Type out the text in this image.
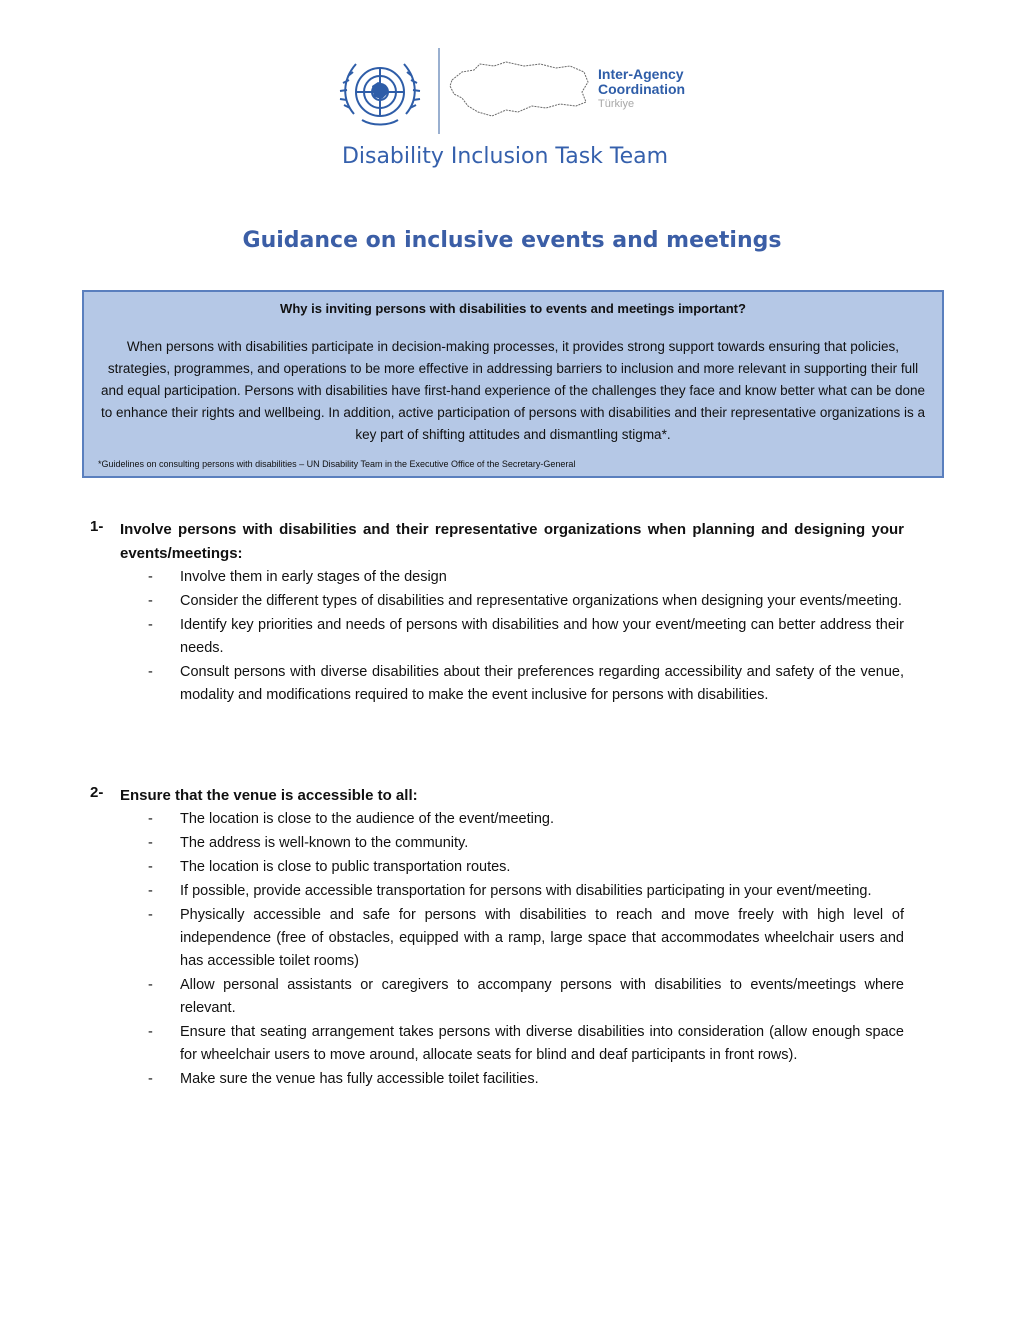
Inter-Agency
Coordination
Türkiye
Disability Inclusion Task Team
Guidance on inclusive events and meetings
Why is inviting persons with disabilities to events and meetings important?
When persons with disabilities participate in decision-making processes, it provides strong support towards ensuring that policies, strategies, programmes, and operations to be more effective in addressing barriers to inclusion and more relevant in supporting their full and equal participation. Persons with disabilities have first-hand experience of the challenges they face and know better what can be done to enhance their rights and wellbeing. In addition, active participation of persons with disabilities and their representative organizations is a key part of shifting attitudes and dismantling stigma*.
*Guidelines on consulting persons with disabilities – UN Disability Team in the Executive Office of the Secretary-General
1- Involve persons with disabilities and their representative organizations when planning and designing your events/meetings:
- Involve them in early stages of the design
- Consider the different types of disabilities and representative organizations when designing your events/meeting.
- Identify key priorities and needs of persons with disabilities and how your event/meeting can better address their needs.
- Consult persons with diverse disabilities about their preferences regarding accessibility and safety of the venue, modality and modifications required to make the event inclusive for persons with disabilities.
2- Ensure that the venue is accessible to all:
- The location is close to the audience of the event/meeting.
- The address is well-known to the community.
- The location is close to public transportation routes.
- If possible, provide accessible transportation for persons with disabilities participating in your event/meeting.
- Physically accessible and safe for persons with disabilities to reach and move freely with high level of independence (free of obstacles, equipped with a ramp, large space that accommodates wheelchair users and has accessible toilet rooms)
- Allow personal assistants or caregivers to accompany persons with disabilities to events/meetings where relevant.
- Ensure that seating arrangement takes persons with diverse disabilities into consideration (allow enough space for wheelchair users to move around, allocate seats for blind and deaf participants in front rows).
- Make sure the venue has fully accessible toilet facilities.
